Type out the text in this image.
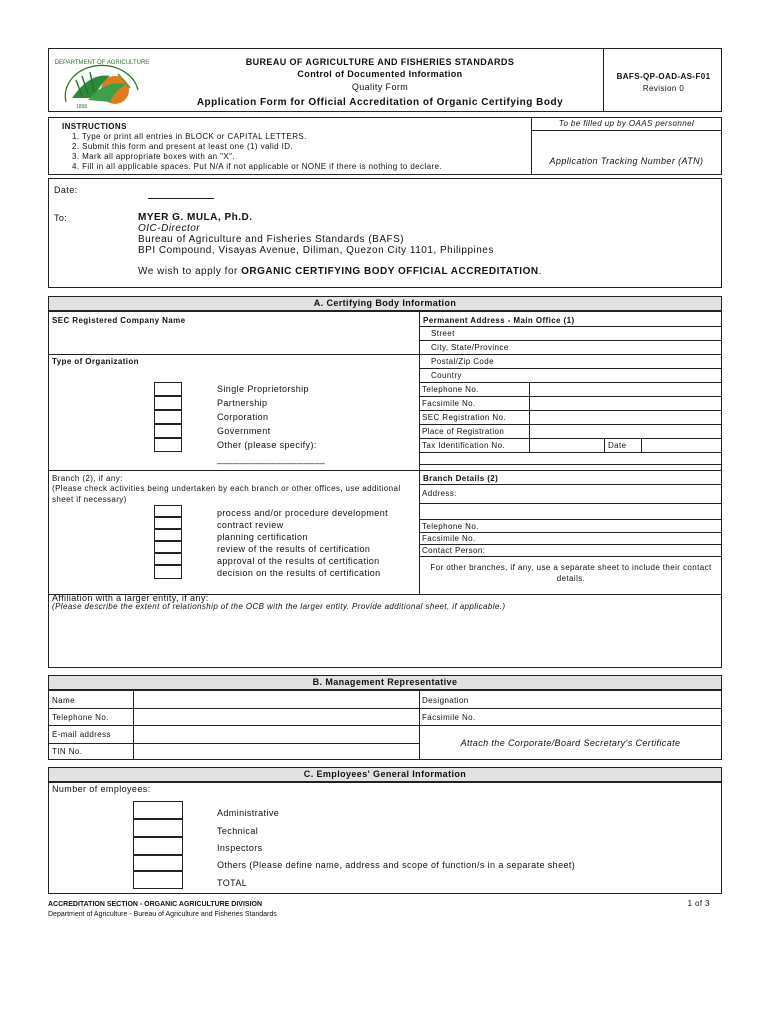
DEPARTMENT OF AGRICULTURE
1898
BUREAU OF AGRICULTURE AND FISHERIES STANDARDS
Control of Documented Information
Quality Form
Application Form for Official Accreditation of Organic Certifying Body
BAFS-QP-OAD-AS-F01
Revision 0
INSTRUCTIONS
1. Type or print all entries in BLOCK or CAPITAL LETTERS.
2. Submit this form and present at least one (1) valid ID.
3. Mark all appropriate boxes with an "X".
4. Fill in all applicable spaces. Put N/A if not applicable or NONE if there is nothing to declare.
To be filled up by OAAS personnel
Application Tracking Number (ATN)
Date:
To:	MYER G. MULA, Ph.D.
OIC-Director
Bureau of Agriculture and Fisheries Standards (BAFS)
BPI Compound, Visayas Avenue, Diliman, Quezon City 1101, Philippines
We wish to apply for ORGANIC CERTIFYING BODY OFFICIAL ACCREDITATION.
A. Certifying Body Information
SEC Registered Company Name
Type of Organization
Single Proprietorship
Partnership
Corporation
Government
Other (please specify):
____________________
Permanent Address - Main Office (1)
Street
City, State/Province
Postal/Zip Code
Country
Telephone No.
Facsimile No.
SEC Registration No.
Place of Registration
Tax Identification No.	Date
Branch (2), if any:
(Please check activities being undertaken by each branch or other offices, use additional sheet if necessary)
process and/or procedure development
contract review
planning certification
review of the results of certification
approval of the results of certification
decision on the results of certification
Branch Details (2)
Address:
Telephone No.
Facsimile No.
Contact Person:
For other branches, if any, use a separate sheet to include their contact details.
Affiliation with a larger entity, if any:
(Please describe the extent of relationship of the OCB with the larger entity. Provide additional sheet, if applicable.)
B. Management Representative
Name	Designation
Telephone No.	Facsimile No.
E-mail address
TIN No.
Attach the Corporate/Board Secretary's Certificate
C. Employees' General Information
Number of employees:
Administrative
Technical
Inspectors
Others (Please define name, address and scope of function/s in a separate sheet)
TOTAL
ACCREDITATION SECTION - ORGANIC AGRICULTURE DIVISION
Department of Agriculture - Bureau of Agriculture and Fisheries Standards
1 of 3
